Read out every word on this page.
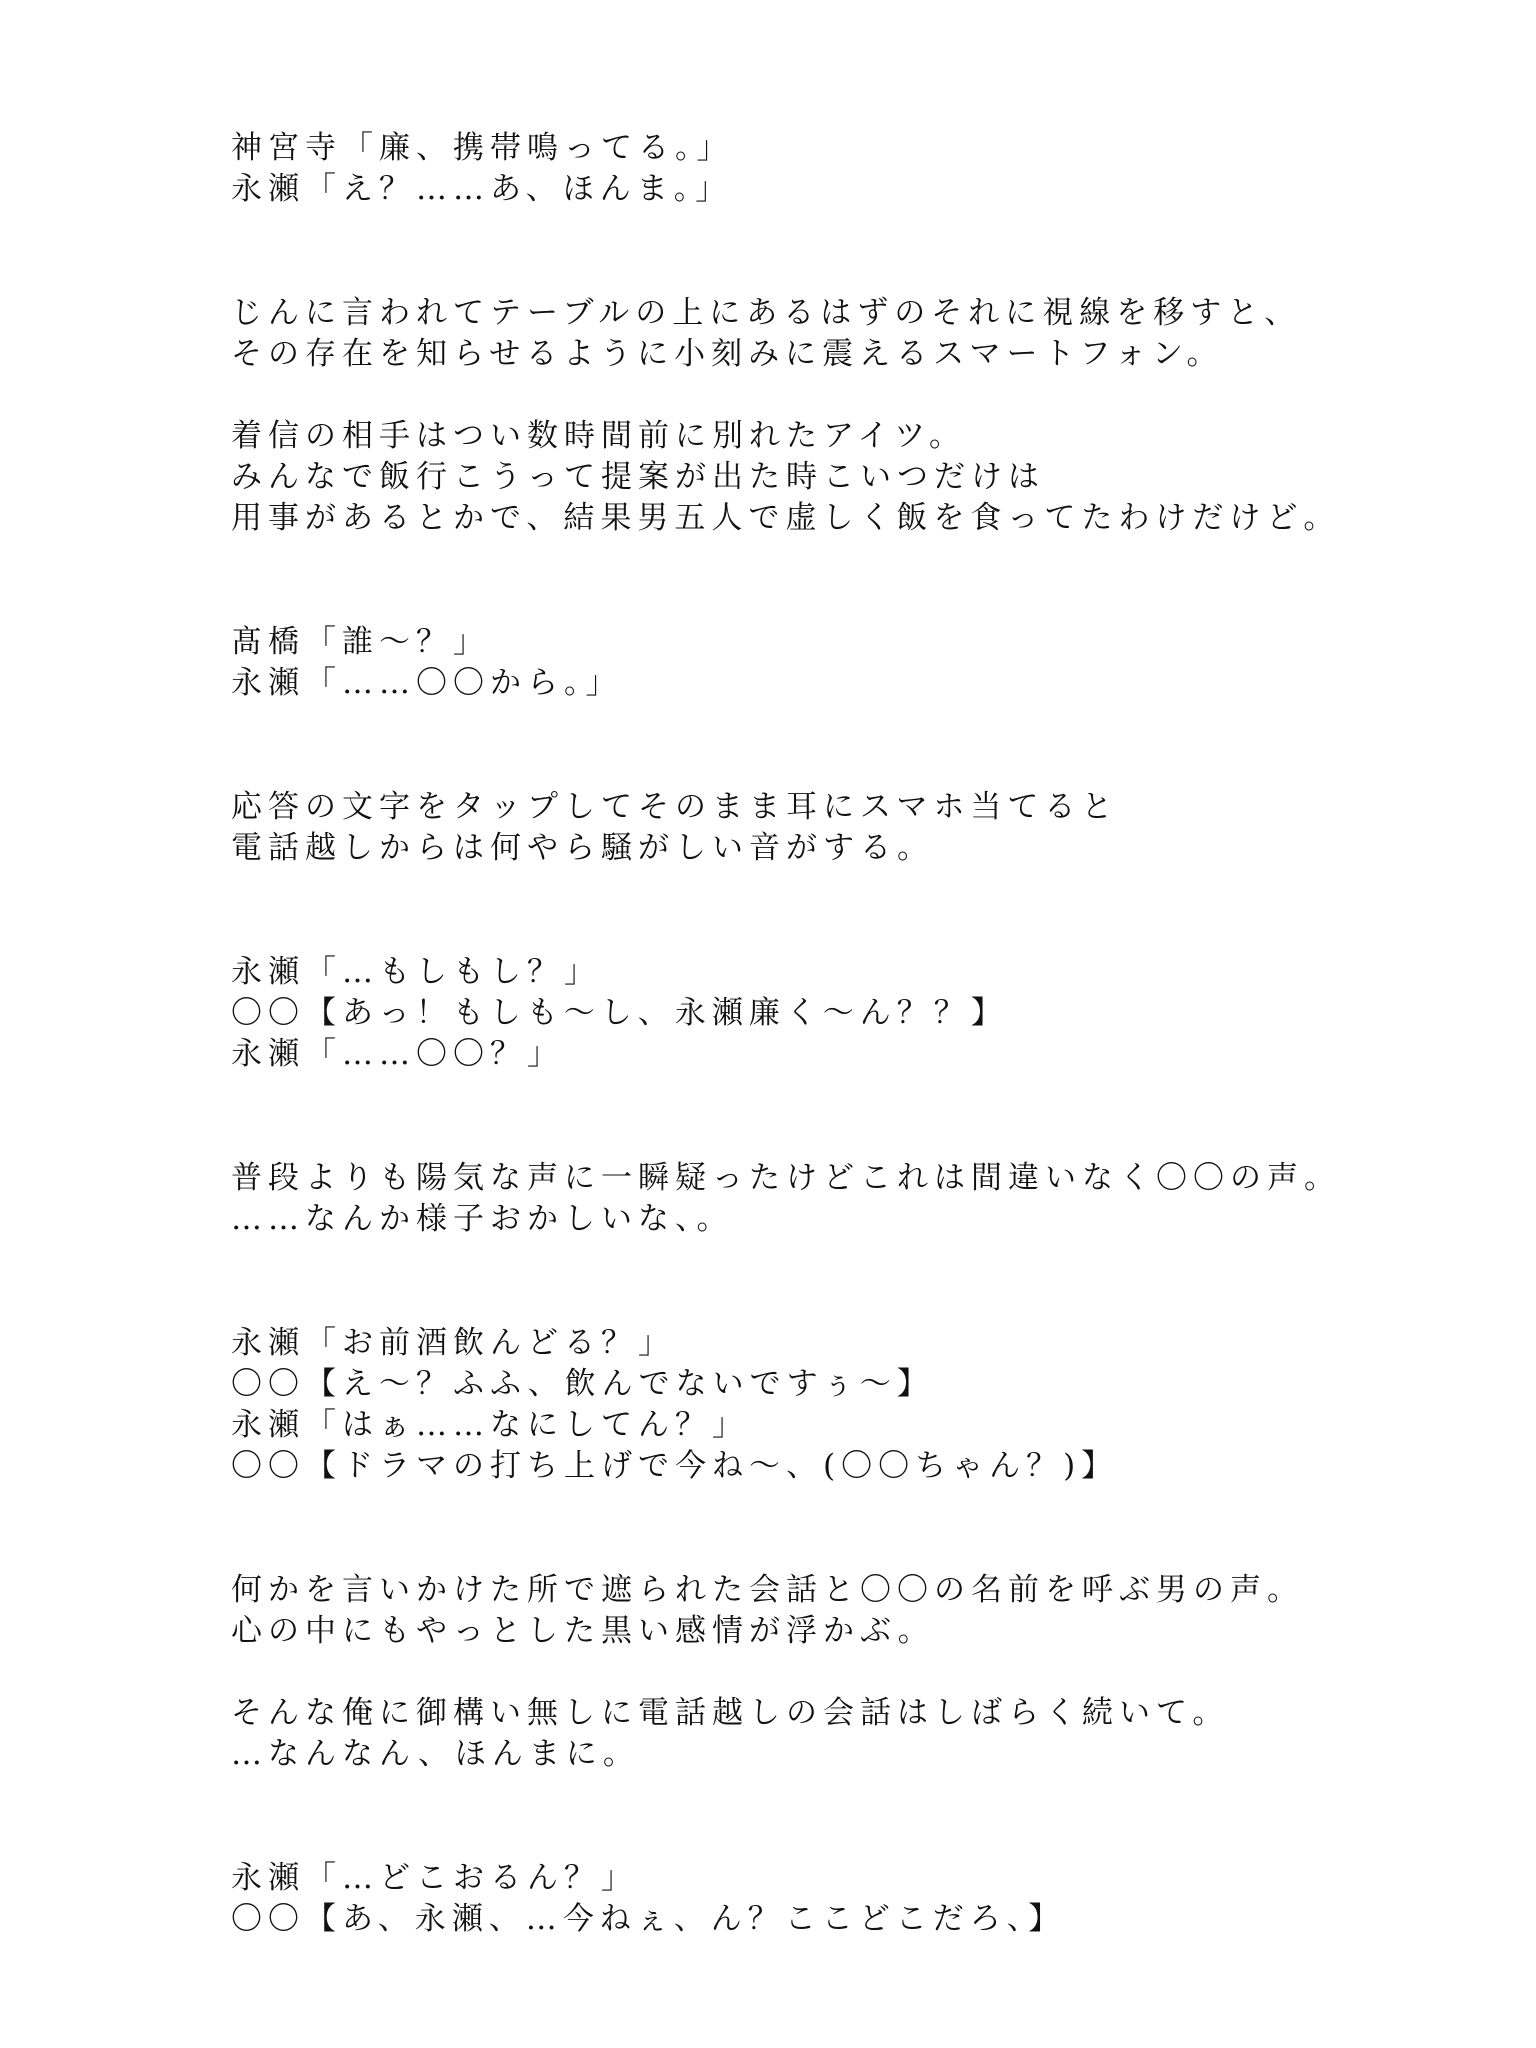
神宮寺「廉、携帯鳴ってる。」
永瀬「え？……あ、ほんま。」
じんに言われてテーブルの上にあるはずのそれに視線を移すと、
その存在を知らせるように小刻みに震えるスマートフォン。
着信の相手はつい数時間前に別れたアイツ。
みんなで飯行こうって提案が出た時こいつだけは
用事があるとかで、結果男五人で虚しく飯を食ってたわけだけど。
髙橋「誰〜？」
永瀬「……〇〇から。」
応答の文字をタップしてそのまま耳にスマホ当てると
電話越しからは何やら騒がしい音がする。
永瀬「…もしもし？」
〇〇【あっ！もしも〜し、永瀬廉く〜ん？？】
永瀬「……〇〇？」
普段よりも陽気な声に一瞬疑ったけどこれは間違いなく〇〇の声。
……なんか様子おかしいな、。
永瀬「お前酒飲んどる？」
〇〇【え〜？ふふ、飲んでないですぅ〜】
永瀬「はぁ……なにしてん？」
〇〇【ドラマの打ち上げで今ね〜、(〇〇ちゃん？)】
何かを言いかけた所で遮られた会話と〇〇の名前を呼ぶ男の声。
心の中にもやっとした黒い感情が浮かぶ。
そんな俺に御構い無しに電話越しの会話はしばらく続いて。
…なんなん、ほんまに。
永瀬「…どこおるん？」
〇〇【あ、永瀬、…今ねぇ、ん？ここどこだろ、】
